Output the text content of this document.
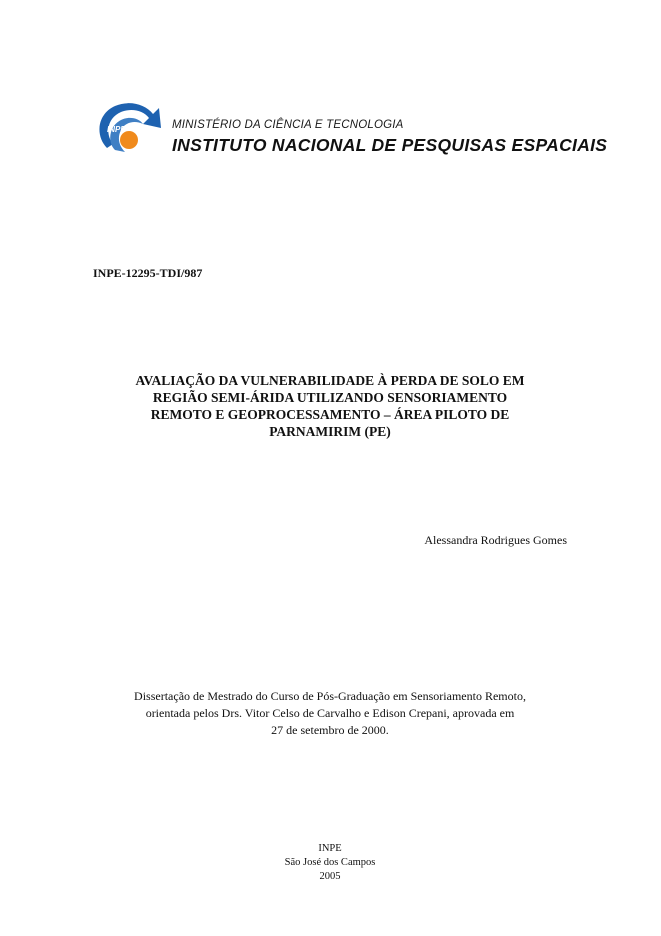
INPE	MINISTÉRIO DA CIÊNCIA E TECNOLOGIA
INSTITUTO NACIONAL DE PESQUISAS ESPACIAIS
INPE-12295-TDI/987
AVALIAÇÃO DA VULNERABILIDADE À PERDA DE SOLO EM
REGIÃO SEMI-ÁRIDA UTILIZANDO SENSORIAMENTO
REMOTO E GEOPROCESSAMENTO – ÁREA PILOTO DE
PARNAMIRIM (PE)
Alessandra Rodrigues Gomes
Dissertação de Mestrado do Curso de Pós-Graduação em Sensoriamento Remoto,
orientada pelos Drs. Vitor Celso de Carvalho e Edison Crepani, aprovada em
27 de setembro de 2000.
INPE
São José dos Campos
2005
